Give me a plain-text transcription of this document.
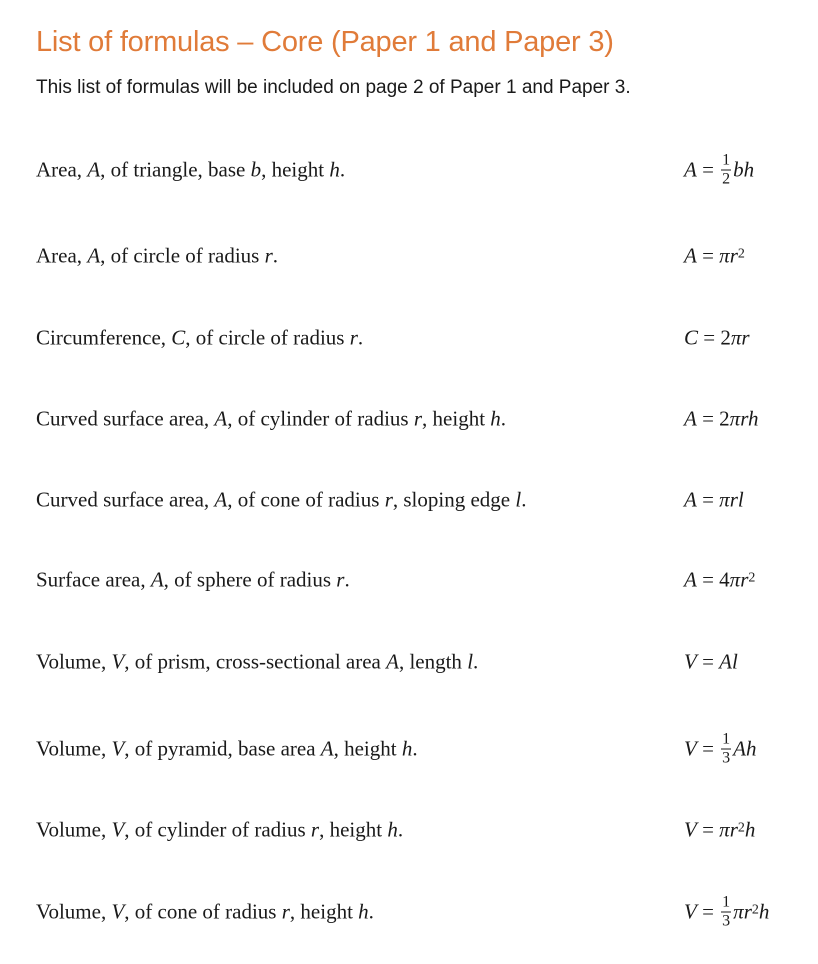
List of formulas – Core (Paper 1 and Paper 3)

This list of formulas will be included on page 2 of Paper 1 and Paper 3.

Area, A, of triangle, base b, height h.	$A = \frac{1}{2}$ bh
Area, A, of circle of radius r.	$A = \pi r^2$
Circumference, C, of circle of radius r.	C = 2 πr
Curved surface area, A, of cylinder of radius r, height h.	A = 2 πrh
Curved surface area, A, of cone of radius r, sloping edge l.	A = πrl
Surface area, A, of sphere of radius r.	A = 4 $\pi r^2$
Volume, V, of prism, cross-sectional area A, length l.	V = Al
Volume, V, of pyramid, base area A, height h.	$V = \frac{1}{3}$ Ah
Volume, V, of cylinder of radius r, height h.	$V = \pi r^2$ h
Volume, V, of cone of radius r, height h.	$V = \frac{1}{3} \pi r^2$ h
